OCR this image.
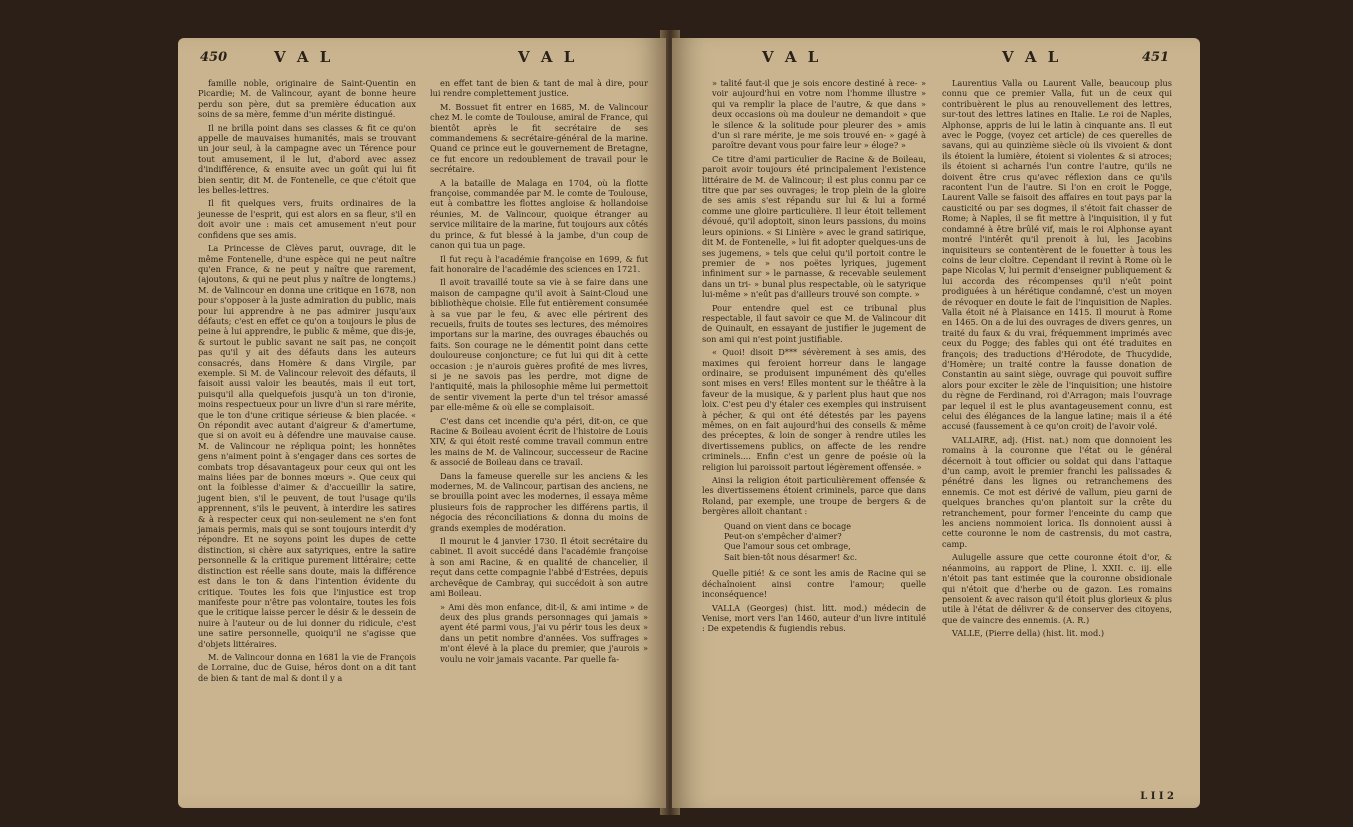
450	V A L	V A L

famille noble, originaire de Saint-Quentin en Picardie; M. de Valincour, ayant de bonne heure perdu son père, dut sa première éducation aux soins de sa mère, femme d'un mérite distingué.

Il ne brilla point dans ses classes & fit ce qu'on appelle de mauvaises humanités, mais se trouvant un jour seul, à la campagne avec un Térence pour tout amusement, il le lut, d'abord avec assez d'indifférence, & ensuite avec un goût qui lui fit bien sentir, dit M. de Fontenelle, ce que c'étoit que les belles-lettres.

Il fit quelques vers, fruits ordinaires de la jeunesse de l'esprit, qui est alors en sa fleur, s'il en doit avoir une : mais cet amusement n'eut pour confidens que ses amis.

La Princesse de Clèves parut, ouvrage, dit le même Fontenelle, d'une espèce qui ne peut naître qu'en France, & ne peut y naître que rarement, (ajoutons, & qui ne peut plus y naître de longtems.) M. de Valincour en donna une critique en 1678, non pour s'opposer à la juste admiration du public, mais pour lui apprendre à ne pas admirer jusqu'aux défauts; c'est en effet ce qu'on a toujours le plus de peine à lui apprendre, le public & même, que dis-je, & surtout le public savant ne sait pas, ne conçoit pas qu'il y ait des défauts dans les auteurs consacrés, dans Homère & dans Virgile, par exemple. Si M. de Valincour relevoit des défauts, il faisoit aussi valoir les beautés, mais il eut tort, puisqu'il alla quelquefois jusqu'à un ton d'ironie, moins respectueux pour un livre d'un si rare mérite, que le ton d'une critique sérieuse & bien placée. « On répondit avec autant d'aigreur & d'amertume, que si on avoit eu à défendre une mauvaise cause. M. de Valincour ne répliqua point; les honnêtes gens n'aiment point à s'engager dans ces sortes de combats trop désavantageux pour ceux qui ont les mains liées par de bonnes mœurs ». Que ceux qui ont la foiblesse d'aimer & d'accueillir la satire, jugent bien, s'il le peuvent, de tout l'usage qu'ils apprennent, s'ils le peuvent, à interdire les satires & à respecter ceux qui non-seulement ne s'en font jamais permis, mais qui se sont toujours interdit d'y répondre. Et ne soyons point les dupes de cette distinction, si chère aux satyriques, entre la satire personnelle & la critique purement littéraire; cette distinction est réelle sans doute, mais la différence est dans le ton & dans l'intention évidente du critique. Toutes les fois que l'injustice est trop manifeste pour n'être pas volontaire, toutes les fois que le critique laisse percer le désir & le dessein de nuire à l'auteur ou de lui donner du ridicule, c'est une satire personnelle, quoiqu'il ne s'agisse que d'objets littéraires.

M. de Valincour donna en 1681 la vie de François de Lorraine, duc de Guise, héros dont on a dit tant de bien & tant de mal & dont il y a

en effet tant de bien & tant de mal à dire, pour lui rendre complettement justice.

M. Bossuet fit entrer en 1685, M. de Valincour chez M. le comte de Toulouse, amiral de France, qui bientôt après le fit secrétaire de ses commandemens & secrétaire-général de la marine. Quand ce prince eut le gouvernement de Bretagne, ce fut encore un redoublement de travail pour le secrétaire.

A la bataille de Malaga en 1704, où la flotte françoise, commandée par M. le comte de Toulouse, eut à combattre les flottes angloise & hollandoise réunies, M. de Valincour, quoique étranger au service militaire de la marine, fut toujours aux côtés du prince, & fut blessé à la jambe, d'un coup de canon qui tua un page.

Il fut reçu à l'académie françoise en 1699, & fut fait honoraire de l'académie des sciences en 1721.

Il avoit travaillé toute sa vie à se faire dans une maison de campagne qu'il avoit à Saint-Cloud une bibliothèque choisie. Elle fut entièrement consumée à sa vue par le feu, & avec elle périrent des recueils, fruits de toutes ses lectures, des mémoires importans sur la marine, des ouvrages ébauchés ou faits. Son courage ne le démentit point dans cette douloureuse conjoncture; ce fut lui qui dit à cette occasion : je n'aurois guères profité de mes livres, si je ne savois pas les perdre, mot digne de l'antiquité, mais la philosophie même lui permettoit de sentir vivement la perte d'un tel trésor amassé par elle-même & où elle se complaisoit.

C'est dans cet incendie qu'a péri, dit-on, ce que Racine & Boileau avoient écrit de l'histoire de Louis XIV, & qui étoit resté comme travail commun entre les mains de M. de Valincour, successeur de Racine & associé de Boileau dans ce travail.

Dans la fameuse querelle sur les anciens & les modernes, M. de Valincour, partisan des anciens, ne se brouilla point avec les modernes, il essaya même plusieurs fois de rapprocher les différens partis, il négocia des réconciliations & donna du moins de grands exemples de modération.

Il mourut le 4 janvier 1730. Il étoit secrétaire du cabinet. Il avoit succédé dans l'académie françoise à son ami Racine, & en qualité de chancelier, il reçut dans cette compagnie l'abbé d'Estrées, depuis archevêque de Cambray, qui succédoit à son autre ami Boileau.

» Ami dès mon enfance, dit-il, & ami intime » de deux des plus grands personnages qui jamais » ayent été parmi vous, j'ai vu périr tous les deux » dans un petit nombre d'années. Vos suffrages » m'ont élevé à la place du premier, que j'aurois » voulu ne voir jamais vacante. Par quelle fa-

V A L	V A L	451

» talité faut-il que je sois encore destiné à rece- » voir aujourd'hui en votre nom l'homme illustre » qui va remplir la place de l'autre, & que dans » deux occasions où ma douleur ne demandoit » que le silence & la solitude pour pleurer des » amis d'un si rare mérite, je me sois trouvé en- » gagé à paroître devant vous pour faire leur » éloge? »

Ce titre d'ami particulier de Racine & de Boileau, paroit avoir toujours été principalement l'existence littéraire de M. de Valincour; il est plus connu par ce titre que par ses ouvrages; le trop plein de la gloire de ses amis s'est répandu sur lui & lui a formé comme une gloire particulière. Il leur étoit tellement dévoué, qu'il adoptoit, sinon leurs passions, du moins leurs opinions. « Si Linière » avec le grand satirique, dit M. de Fontenelle, » lui fit adopter quelques-uns de ses jugemens, » tels que celui qu'il portoit contre le premier de » nos poëtes lyriques, jugement infiniment sur » le parnasse, & recevable seulement dans un tri- » bunal plus respectable, où le satyrique lui-même » n'eût pas d'ailleurs trouvé son compte. »

Pour entendre quel est ce tribunal plus respectable, il faut savoir ce que M. de Valincour dit de Quinault, en essayant de justifier le jugement de son ami qui n'est point justifiable.

« Quoi! disoit D*** sévèrement à ses amis, des maximes qui feroient horreur dans le langage ordinaire, se produisent impunément dès qu'elles sont mises en vers! Elles montent sur le théâtre à la faveur de la musique, & y parlent plus haut que nos loix. C'est peu d'y étaler ces exemples qui instruisent à pécher, & qui ont été détestés par les payens mêmes, on en fait aujourd'hui des conseils & même des préceptes, & loin de songer à rendre utiles les divertissemens publics, on affecte de les rendre criminels.... Enfin c'est un genre de poésie où la religion lui paroissoit partout légèrement offensée. »

Ainsi la religion étoit particulièrement offensée & les divertissemens étoient criminels, parce que dans Roland, par exemple, une troupe de bergers & de bergères alloit chantant :

Quand on vient dans ce bocage
Peut-on s'empêcher d'aimer?
Que l'amour sous cet ombrage,
Sait bien-tôt nous désarmer! &c.

Quelle pitié! & ce sont les amis de Racine qui se déchaînoient ainsi contre l'amour; quelle inconséquence!

VALLA (Georges) (hist. litt. mod.) médecin de Venise, mort vers l'an 1460, auteur d'un livre intitulé : De expetendis & fugiendis rebus.

Laurentius Valla ou Laurent Valle, beaucoup plus connu que ce premier Valla, fut un de ceux qui contribuèrent le plus au renouvellement des lettres, sur-tout des lettres latines en Italie. Le roi de Naples, Alphonse, appris de lui le latin à cinquante ans. Il eut avec le Pogge, (voyez cet article) de ces querelles de savans, qui au quinzième siècle où ils vivoient & dont ils étoient la lumière, étoient si violentes & si atroces; ils étoient si acharnés l'un contre l'autre, qu'ils ne doivent être crus qu'avec réflexion dans ce qu'ils racontent l'un de l'autre. Si l'on en croit le Pogge, Laurent Valle se faisoit des affaires en tout pays par la causticité ou par ses dogmes, il s'étoit fait chasser de Rome; à Naples, il se fit mettre à l'inquisition, il y fut condamné à être brûlé vif, mais le roi Alphonse ayant montré l'intérêt qu'il prenoit à lui, les Jacobins inquisiteurs se contentèrent de le fouetter à tous les coins de leur cloître. Cependant il revint à Rome où le pape Nicolas V, lui permit d'enseigner publiquement & lui accorda des récompenses qu'il n'eût point prodiguées à un hérétique condamné, c'est un moyen de révoquer en doute le fait de l'inquisition de Naples. Valla étoit né à Plaisance en 1415. Il mourut à Rome en 1465. On a de lui des ouvrages de divers genres, un traité du faux & du vrai, fréquemment imprimés avec ceux du Pogge; des fables qui ont été traduites en françois; des traductions d'Hérodote, de Thucydide, d'Homère; un traité contre la fausse donation de Constantin au saint siège, ouvrage qui pouvoit suffire alors pour exciter le zèle de l'inquisition; une histoire du règne de Ferdinand, roi d'Arragon; mais l'ouvrage par lequel il est le plus avantageusement connu, est celui des élégances de la langue latine; mais il a été accusé (faussement à ce qu'on croit) de l'avoir volé.

VALLAIRE, adj. (Hist. nat.) nom que donnoient les romains à la couronne que l'état ou le général décernoit à tout officier ou soldat qui dans l'attaque d'un camp, avoit le premier franchi les palissades & pénétré dans les lignes ou retranchemens des ennemis. Ce mot est dérivé de vallum, pieu garni de quelques branches qu'on plantoit sur la crête du retranchement, pour former l'enceinte du camp que les anciens nommoient lorica. Ils donnoient aussi à cette couronne le nom de castrensis, du mot castra, camp.

Aulugelle assure que cette couronne étoit d'or, & néanmoins, au rapport de Pline, l. XXII. c. iij. elle n'étoit pas tant estimée que la couronne obsidionale qui n'étoit que d'herbe ou de gazon. Les romains pensoient & avec raison qu'il étoit plus glorieux & plus utile à l'état de délivrer & de conserver des citoyens, que de vaincre des ennemis. (A. R.)

VALLE, (Pierre della) (hist. lit. mod.)

L I I 2
